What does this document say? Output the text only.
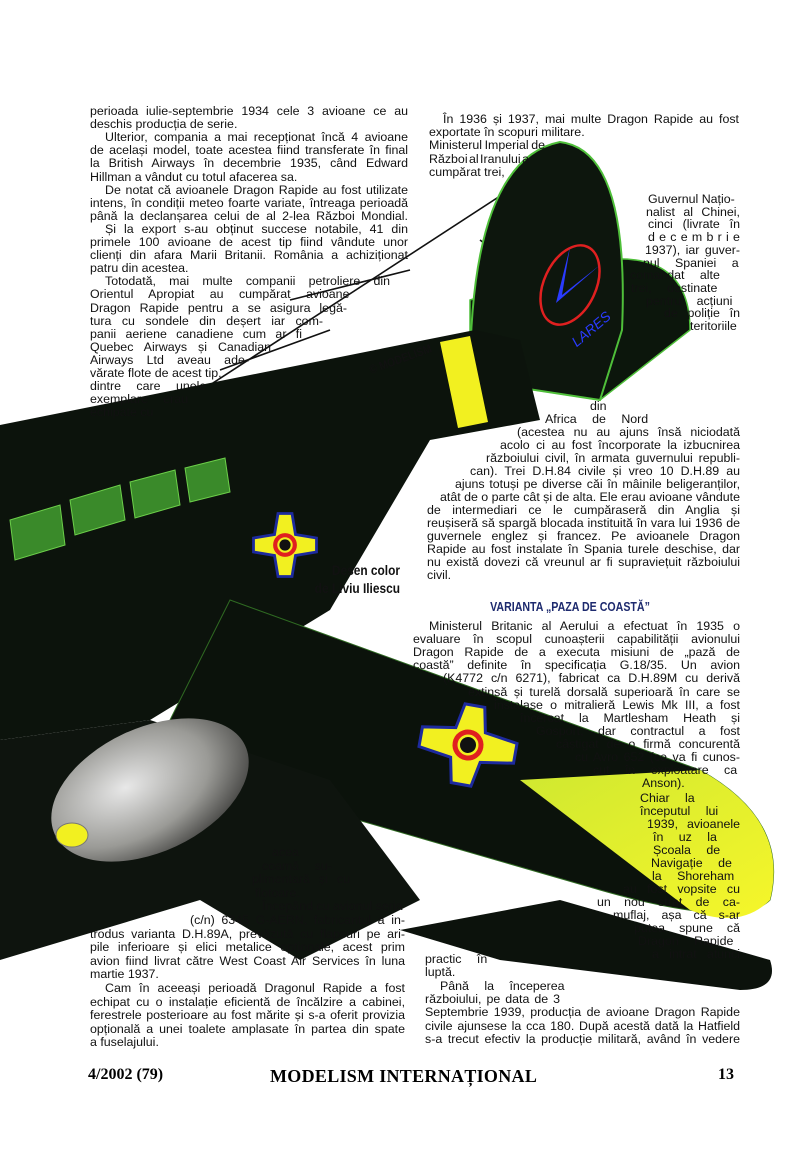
LARES
perioada iulie-septembrie 1934 cele 3 avioane ce au
deschis producția de serie.
Ulterior, compania a mai recepționat încă 4 avioane
de același model, toate acestea fiind transferate în final
la British Airways în decembrie 1935, când Edward
Hillman a vândut cu totul afacerea sa.
De notat că avioanele Dragon Rapide au fost utilizate
intens, în condiții meteo foarte variate, întreaga perioadă
până la declanșarea celui de al 2-lea Război Mondial.
Și la export s-au obținut succese notabile, 41 din
primele 100 avioane de acest tip fiind vândute unor
clienți din afara Marii Britanii. România a achiziționat
patru din acestea.
Totodată, mai multe companii petroliere din
Orientul Apropiat au cumpărat avioane
Dragon Rapide pentru a se asigura legă-
tura cu sondele din deșert iar com-
panii aeriene canadiene cum ar fi
Quebec Airways și Canadian
Airways Ltd aveau ade-
vărate flote de acest tip,
dintre care unele
exemplare erau
echipate cu
În 1936 și 1937, mai multe Dragon Rapide au fost
exportate în scopuri militare.
Ministerul Imperial de
Război al Iranului a
cumpărat trei,
Guvernul Națio-
nalist al Chinei,
cinci (livrate în
d e c e m b r i e
1937), iar guver-
nul Spaniei a
comandat alte
trei, destinate
pentru acțiuni
de poliție în
teritoriile
din
Africa de Nord
(acestea nu au ajuns însă niciodată
acolo ci au fost încorporate la izbucnirea
războiului civil, în armata guvernului republi-
can). Trei D.H.84 civile și vreo 10 D.H.89 au
ajuns totuși pe diverse căi în mâinile beligeranților,
atât de o parte cât și de alta. Ele erau avioane vândute
de intermediari ce le cumpăraseră din Anglia și
reușiseră să spargă blocada instituită în vara lui 1936 de
guvernele englez și francez. Pe avioanele Dragon
Rapide au fost instalate în Spania turele deschise, dar
nu există dovezi că vreunul ar fi supraviețuit războiului
civil.
Ministerul Britanic al Aerului a efectuat în 1935 o
evaluare în scopul cunoașterii capabilității avionului
Dragon Rapide de a executa misiuni de „pază de
coastă” definite în specificația G.18/35. Un avion
(K4772 c/n 6271), fabricat ca D.H.89M cu derivă
extinsă și turelă dorsală superioară în care se
instalase o mitralieră Lewis Mk III, a fost
încercat la Martlesham Heath și
Gosport, dar contractul a fost
câștigat de o firmă concurentă
cu Avro 652 (ce va fi cunos-
cut în exploatare ca
Anson).
Chiar la
începutul lui
1939, avioanele
în uz la
Școala de
Navigație de
la Shoreham
au fost vopsite cu
un nou strat de ca-
muflaj, așa că s-ar
putea spune că
Dragon Rapide
a intrat atunci
practic în
luptă.
Până la începerea
războiului, pe data de 3
Septembrie 1939, producția de avioane Dragon Rapide
civile ajunsese la cca 180. După acestă dată la Hatfield
s-a trecut efectiv la producție militară, având în vedere
acea
coamă su-
plimentară și cu
flotoare.
Începând cu avionul seria
(c/n) 6345 G-AERN, fabricantul a in-
trodus varianta D.H.89A, prevăzută cu flapsuri pe ari-
pile inferioare și elici metalice opționale, acest prim
avion fiind livrat către West Coast Air Services în luna
martie 1937.
Cam în aceeași perioadă Dragonul Rapide a fost
echipat cu o instalație eficientă de încălzire a cabinei,
ferestrele posterioare au fost mărite și s-a oferit provizia
opțională a unei toalete amplasate în partea din spate
a fuselajului.
© MODELISM
Desen color
de Liviu Iliescu
VARIANTA „PAZA DE COASTĂ”
4/2002 (79)	MODELISM INTERNAȚIONAL	13
